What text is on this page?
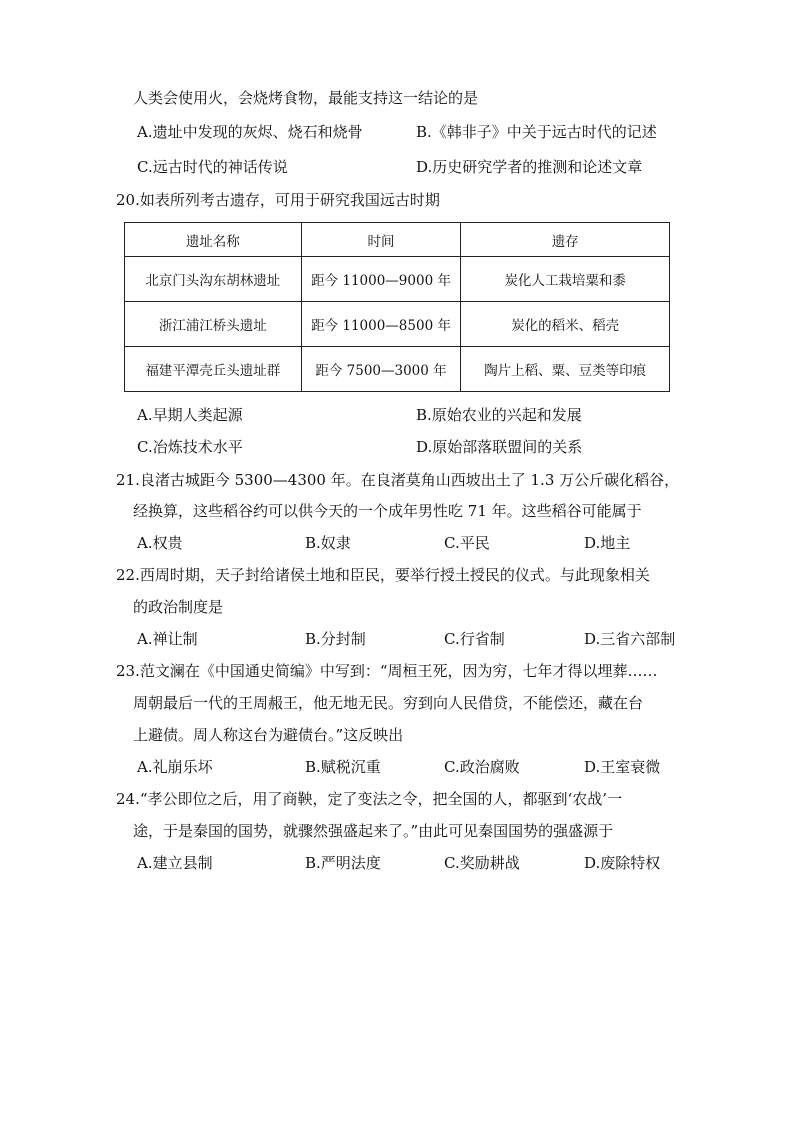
人类会使用火，会烧烤食物，最能支持这一结论的是
A.遗址中发现的灰烬、烧石和烧骨	B.《韩非子》中关于远古时代的记述
C.远古时代的神话传说	D.历史研究学者的推测和论述文章
20.如表所列考古遗存，可用于研究我国远古时期
遗址名称	时间	遗存
北京门头沟东胡林遗址	距今 11000—9000 年	炭化人工栽培粟和黍
浙江浦江桥头遗址	距今 11000—8500 年	炭化的稻米、稻壳
福建平潭壳丘头遗址群	距今 7500—3000 年	陶片上稻、粟、豆类等印痕
A.早期人类起源	B.原始农业的兴起和发展
C.冶炼技术水平	D.原始部落联盟间的关系
21.良渚古城距今 5300—4300 年。在良渚莫角山西坡出土了 1.3 万公斤碳化稻谷，
经换算，这些稻谷约可以供今天的一个成年男性吃 71 年。这些稻谷可能属于
A.权贵	B.奴隶	C.平民	D.地主
22.西周时期，天子封给诸侯土地和臣民，要举行授土授民的仪式。与此现象相关
的政治制度是
A.禅让制	B.分封制	C.行省制	D.三省六部制
23.范文澜在《中国通史简编》中写到：“周桓王死，因为穷，七年才得以埋葬……
周朝最后一代的王周赧王，他无地无民。穷到向人民借贷，不能偿还，藏在台
上避债。周人称这台为避债台。”这反映出
A.礼崩乐坏	B.赋税沉重	C.政治腐败	D.王室衰微
24.“孝公即位之后，用了商鞅，定了变法之令，把全国的人，都驱到‘农战’一
途，于是秦国的国势，就骤然强盛起来了。”由此可见秦国国势的强盛源于
A.建立县制	B.严明法度	C.奖励耕战	D.废除特权
